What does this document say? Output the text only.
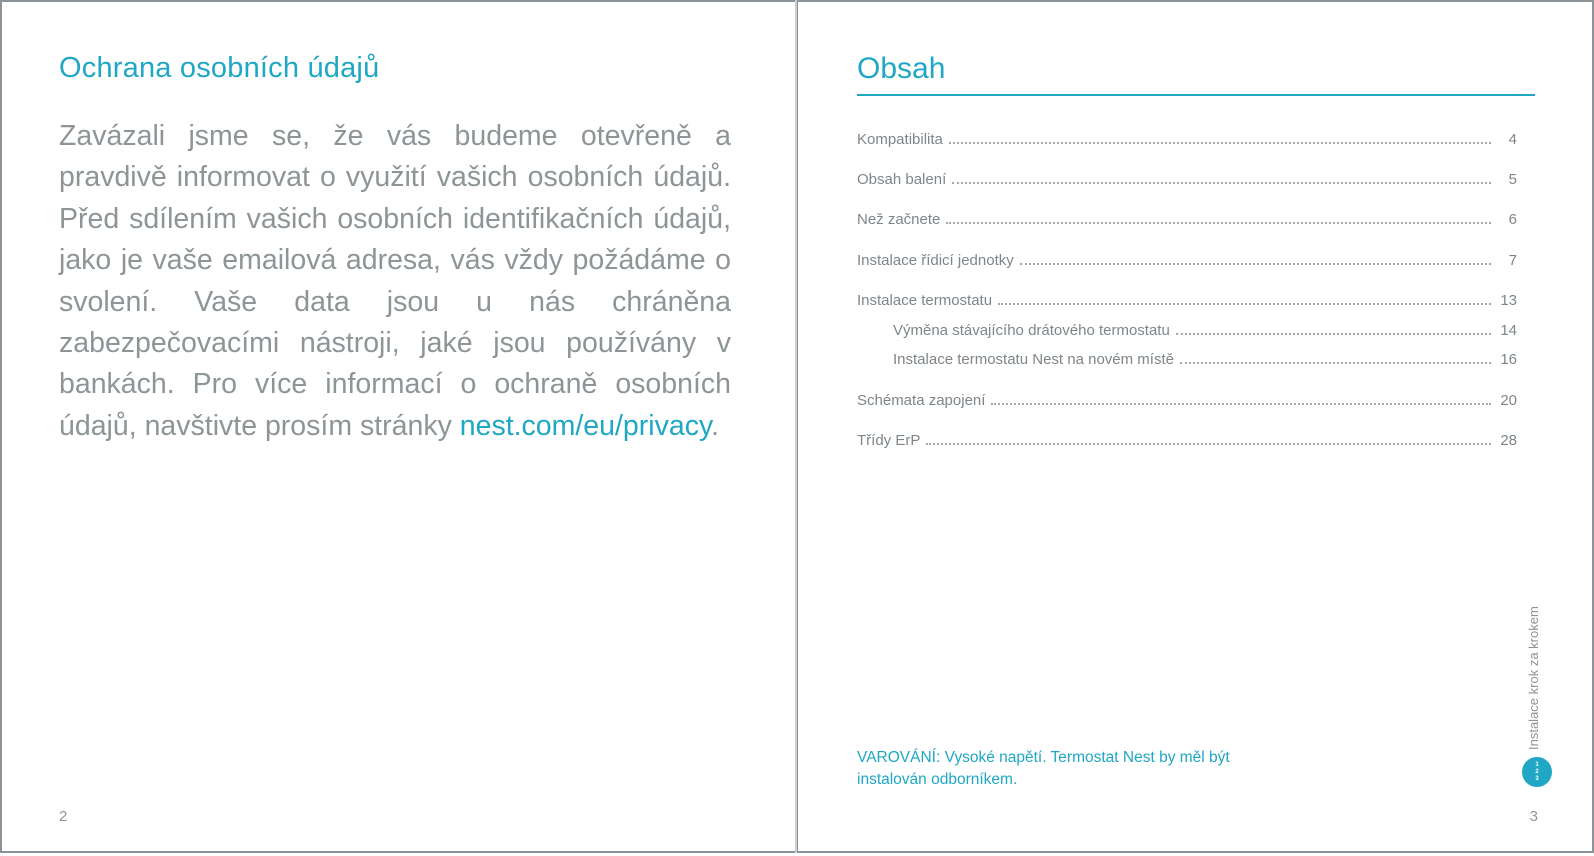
Ochrana osobních údajů

Zavázali jsme se, že vás budeme otevřeně a pravdivě informovat o využití vašich osobních údajů. Před sdílením vašich osobních identifikačních údajů, jako je vaše emailová adresa, vás vždy požádáme o svolení. Vaše data jsou u nás chráněna zabezpečovacími nástroji, jaké jsou používány v bankách. Pro více informací o ochraně osobních údajů, navštivte prosím stránky nest.com/eu/privacy.

2
Obsah
Kompatibilita	4
Obsah balení	5
Než začnete	6
Instalace řídicí jednotky	7
Instalace termostatu	13
Výměna stávajícího drátového termostatu	14
Instalace termostatu Nest na novém místě	16
Schémata zapojení	20
Třídy ErP	28
Instalace krok za krokem
1
2
3

VAROVÁNÍ: Vysoké napětí. Termostat Nest by měl být instalován odborníkem.

3
